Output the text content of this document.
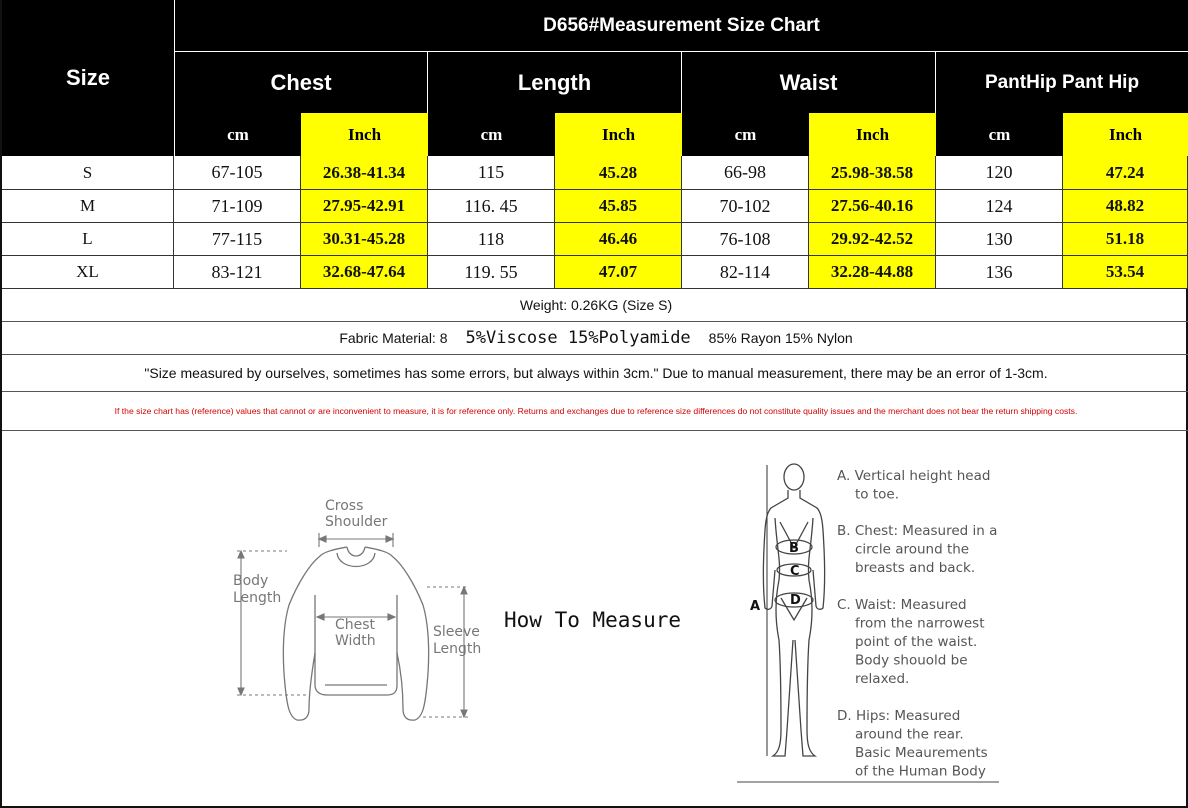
Size
D656#Measurement Size Chart
Chest	Length	Waist	PantHip Pant Hip
cm	Inch	cm	Inch	cm	Inch	cm	Inch
S	67-105	26.38-41.34	115	45.28	66-98	25.98-38.58	120	47.24
M	71-109	27.95-42.91	116. 45	45.85	70-102	27.56-40.16	124	48.82
L	77-115	30.31-45.28	118	46.46	76-108	29.92-42.52	130	51.18
XL	83-121	32.68-47.64	119. 55	47.07	82-114	32.28-44.88	136	53.54
Weight: 0.26KG (Size S)
Fabric Material: 8 5%Viscose 15%Polyamide 85% Rayon 15% Nylon
"Size measured by ourselves, sometimes has some errors, but always within 3cm." Due to manual measurement, there may be an error of 1-3cm.
If the size chart has (reference) values that cannot or are inconvenient to measure, it is for reference only. Returns and exchanges due to reference size differences do not constitute quality issues and the merchant does not bear the return shipping costs.
Cross
Shoulder
Body
Length
Chest
Width
Sleeve
Length
How To Measure
A
B
C
D
A. Vertical height head
to toe.
B. Chest: Measured in a
circle around the
breasts and back.
C. Waist: Measured
from the narrowest
point of the waist.
Body shouold be
relaxed.
D. Hips: Measured
around the rear.
Basic Meaurements
of the Human Body
